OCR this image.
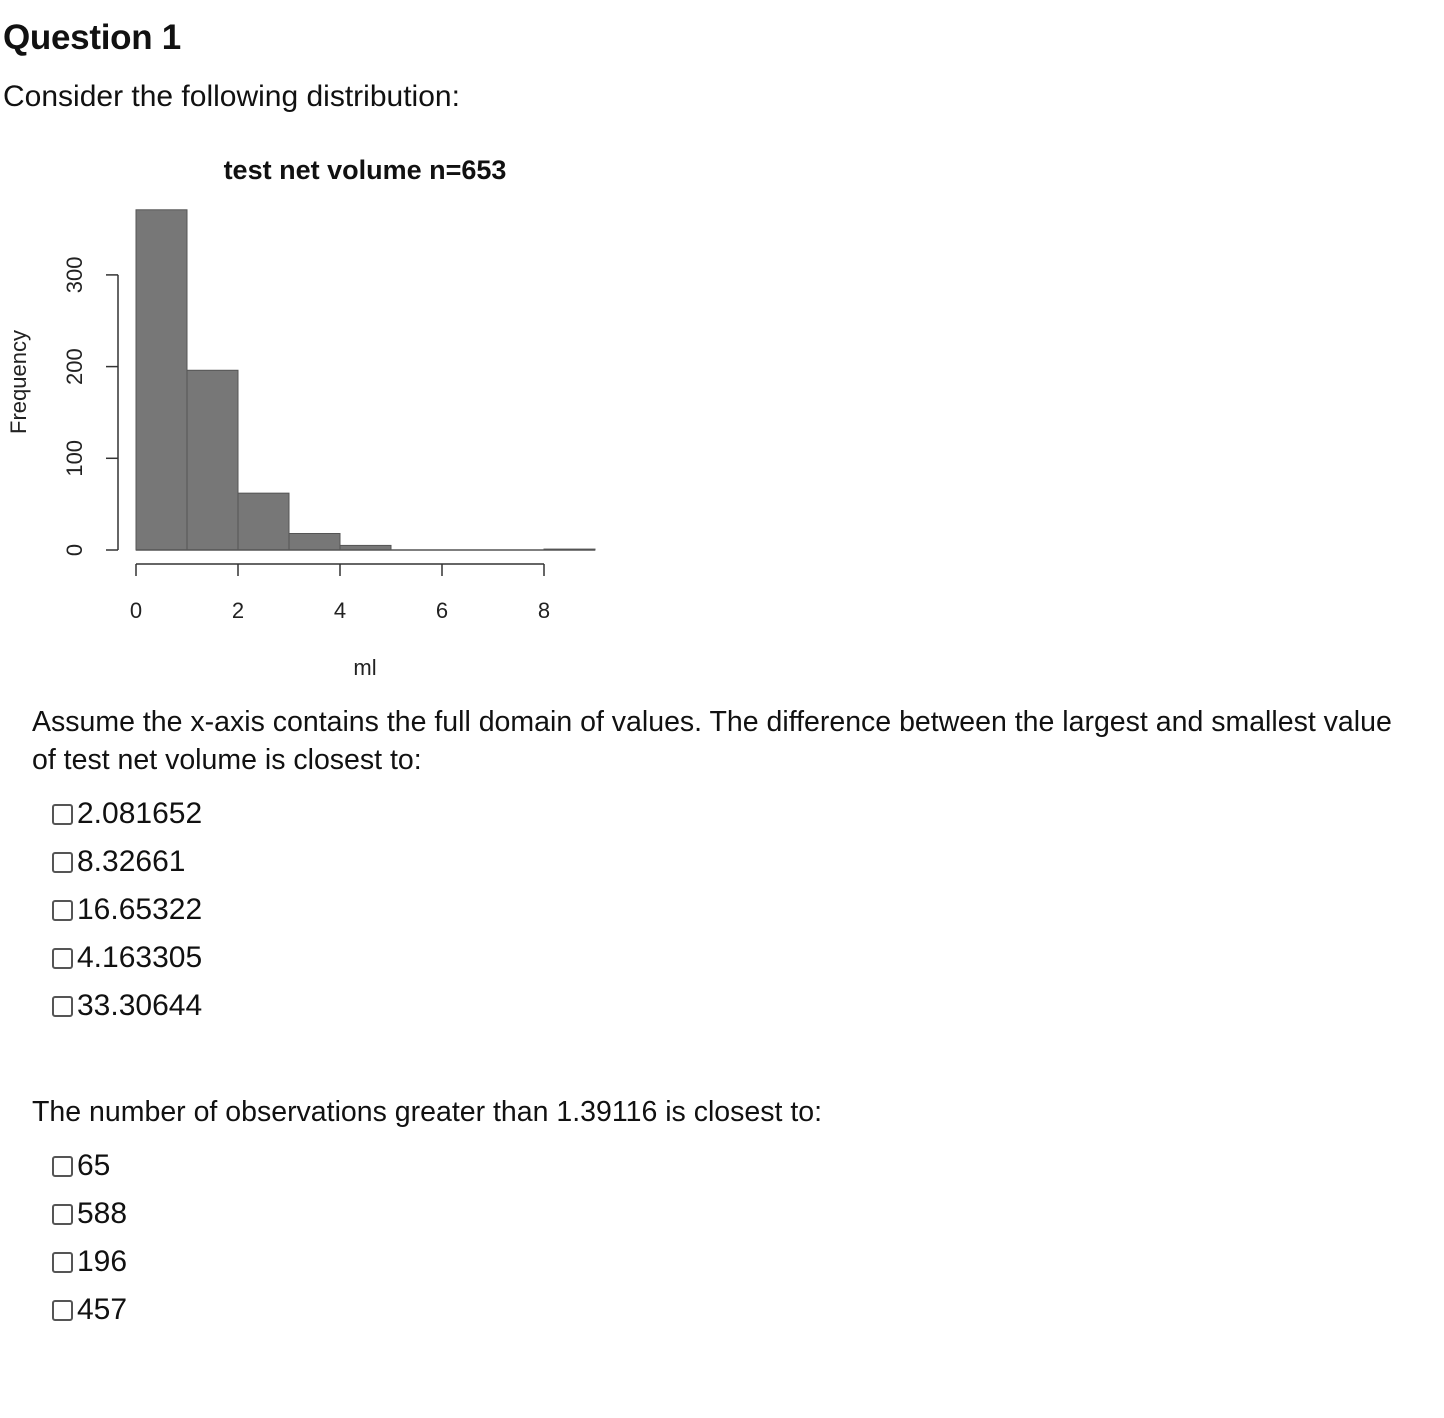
Question 1

Consider the following distribution:

test net volume n=653
0	2	4	6	8
0
100
200
300
ml
Frequency

Assume the x-axis contains the full domain of values. The difference between the largest and smallest value of test net volume is closest to:

2.081652
8.32661
16.65322
4.163305
33.30644

The number of observations greater than 1.39116 is closest to:

65
588
196
457
